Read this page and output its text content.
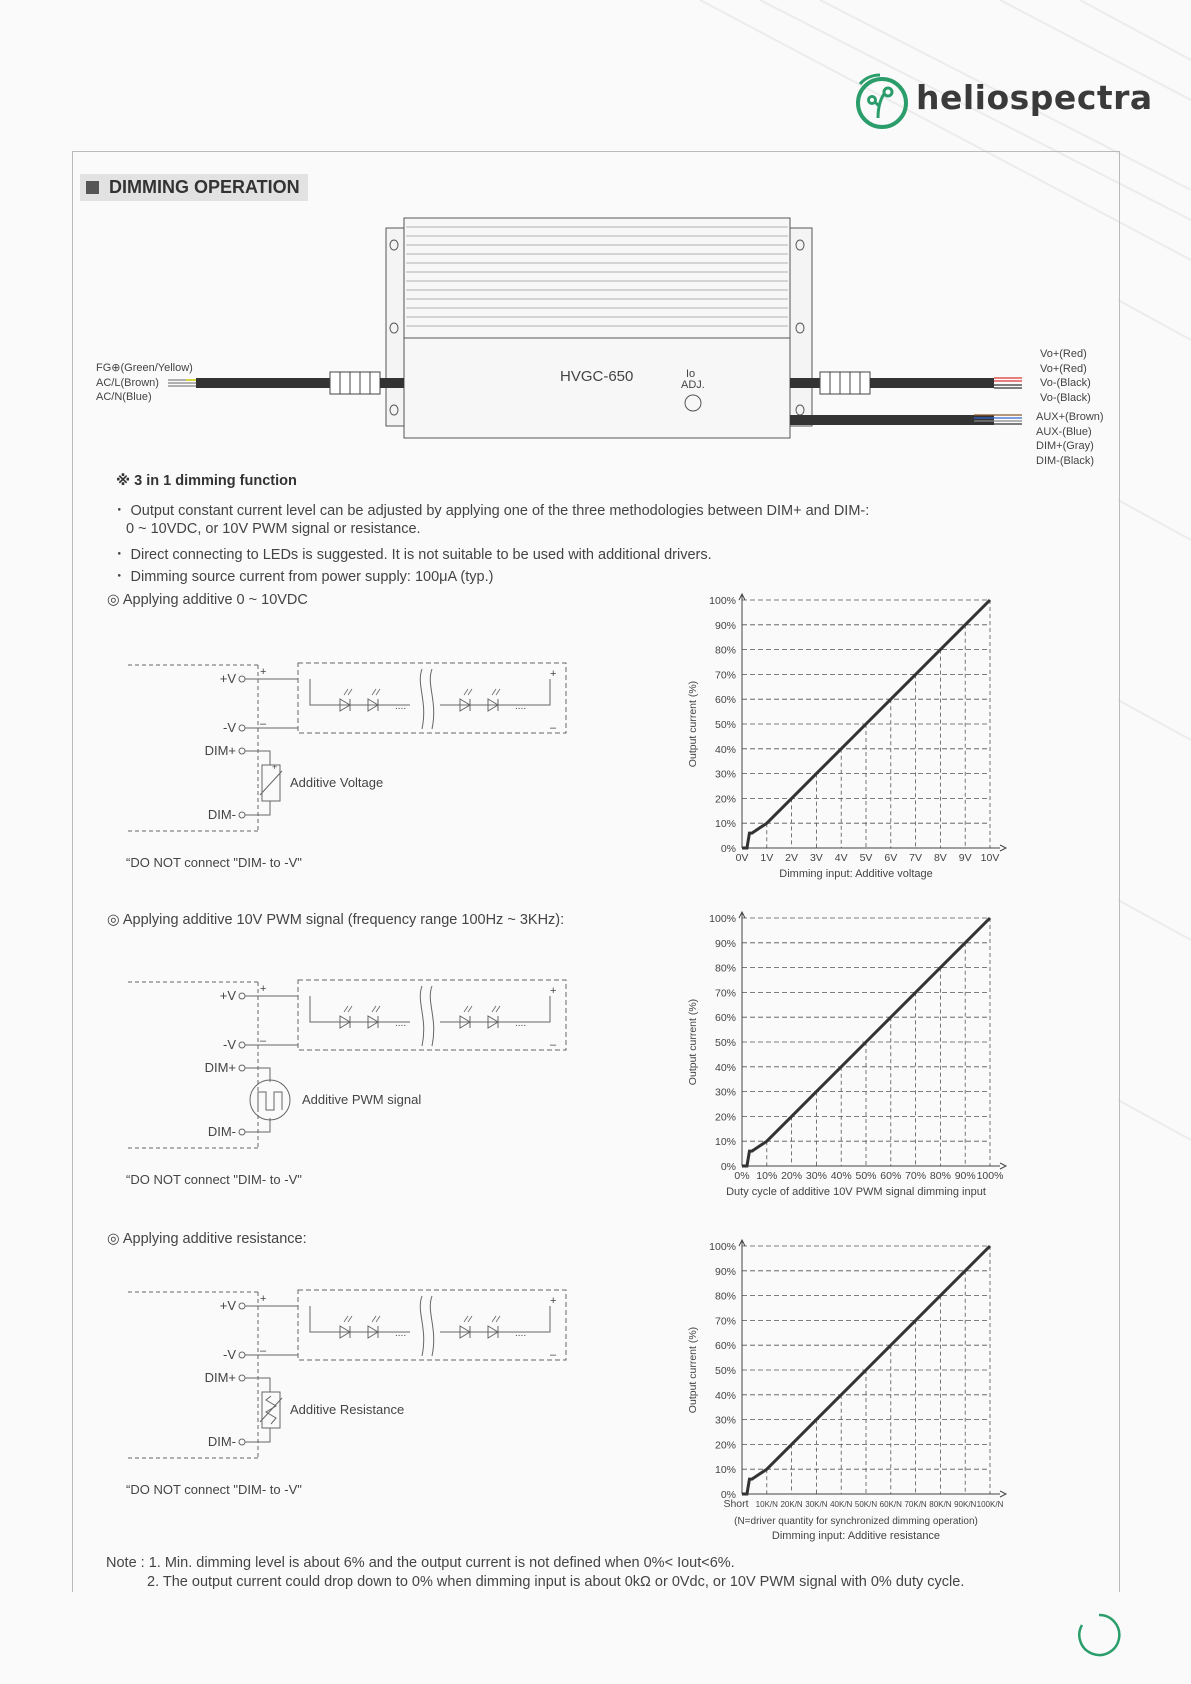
heliospectra
DIMMING OPERATION
HVGC-650	Io
ADJ.
FG⊕(Green/Yellow)
AC/L(Brown)
AC/N(Blue)
Vo+(Red)
Vo+(Red)
Vo-(Black)
Vo-(Black)
AUX+(Brown)
AUX-(Blue)
DIM+(Gray)
DIM-(Black)
※ 3 in 1 dimming function
・ Output constant current level can be adjusted by applying one of the three methodologies between DIM+ and DIM-:
0 ~ 10VDC, or 10V PWM signal or resistance.
・ Direct connecting to LEDs is suggested. It is not suitable to be used with additional drivers.
・ Dimming source current from power supply: 100μA (typ.)
◎ Applying additive 0 ~ 10VDC
◎ Applying additive 10V PWM signal (frequency range 100Hz ~ 3KHz):
◎ Applying additive resistance:
....	....
+
–
+
–
+V
-V
DIM+
DIM-
+
Additive Voltage
“DO NOT connect "DIM- to -V"
....	....
+
–
+
–
+V
-V
DIM+
DIM-
Additive PWM signal
“DO NOT connect "DIM- to -V"
....	....
+
–
+
–
+V
-V
DIM+
DIM-
Additive Resistance
“DO NOT connect "DIM- to -V"
0%
10%
20%
30%
40%
50%
60%
70%
80%
90%
100%
0V 1V 2V 3V 4V 5V 6V 7V 8V 9V 10V
Output current (%)
Dimming input: Additive voltage
0%
10%
20%
30%
40%
50%
60%
70%
80%
90%
100%
0% 10% 20% 30% 40% 50% 60% 70% 80% 90% 100%
Output current (%)
Duty cycle of additive 10V PWM signal dimming input
0%
10%
20%
30%
40%
50%
60%
70%
80%
90%
100%
Short 10K/N 20K/N 30K/N 40K/N 50K/N 60K/N 70K/N 80K/N 90K/N 100K/N
Output current (%)
(N=driver quantity for synchronized dimming operation)
Dimming input: Additive resistance
Note : 1. Min. dimming level is about 6% and the output current is not defined when 0%< Iout<6%.
2. The output current could drop down to 0% when dimming input is about 0kΩ or 0Vdc, or 10V PWM signal with 0% duty cycle.
